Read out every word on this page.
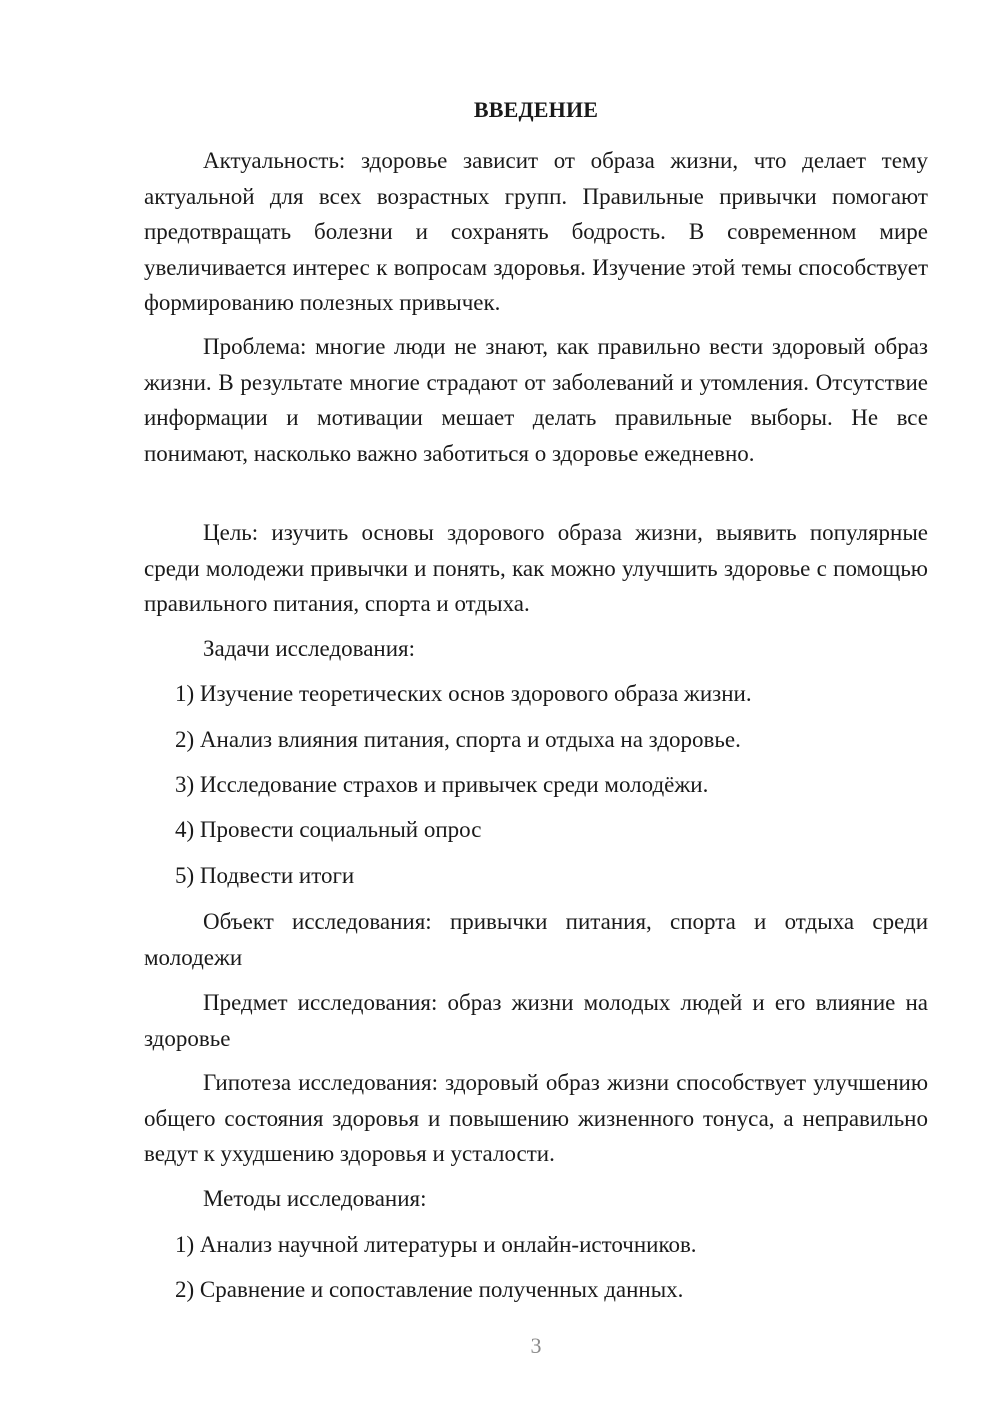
ВВЕДЕНИЕ

Актуальность: здоровье зависит от образа жизни, что делает тему актуальной для всех возрастных групп. Правильные привычки помогают предотвращать болезни и сохранять бодрость. В современном мире увеличивается интерес к вопросам здоровья. Изучение этой темы способствует формированию полезных привычек.

Проблема: многие люди не знают, как правильно вести здоровый образ жизни. В результате многие страдают от заболеваний и утомления. Отсутствие информации и мотивации мешает делать правильные выборы. Не все понимают, насколько важно заботиться о здоровье ежедневно.

Цель: изучить основы здорового образа жизни, выявить популярные среди молодежи привычки и понять, как можно улучшить здоровье с помощью правильного питания, спорта и отдыха.

Задачи исследования:

1) Изучение теоретических основ здорового образа жизни.

2) Анализ влияния питания, спорта и отдыха на здоровье.

3) Исследование страхов и привычек среди молодёжи.

4) Провести социальный опрос

5) Подвести итоги

Объект исследования: привычки питания, спорта и отдыха среди молодежи

Предмет исследования: образ жизни молодых людей и его влияние на здоровье

Гипотеза исследования: здоровый образ жизни способствует улучшению общего состояния здоровья и повышению жизненного тонуса, а неправильно ведут к ухудшению здоровья и усталости.

Методы исследования:

1) Анализ научной литературы и онлайн-источников.

2) Сравнение и сопоставление полученных данных.

3
